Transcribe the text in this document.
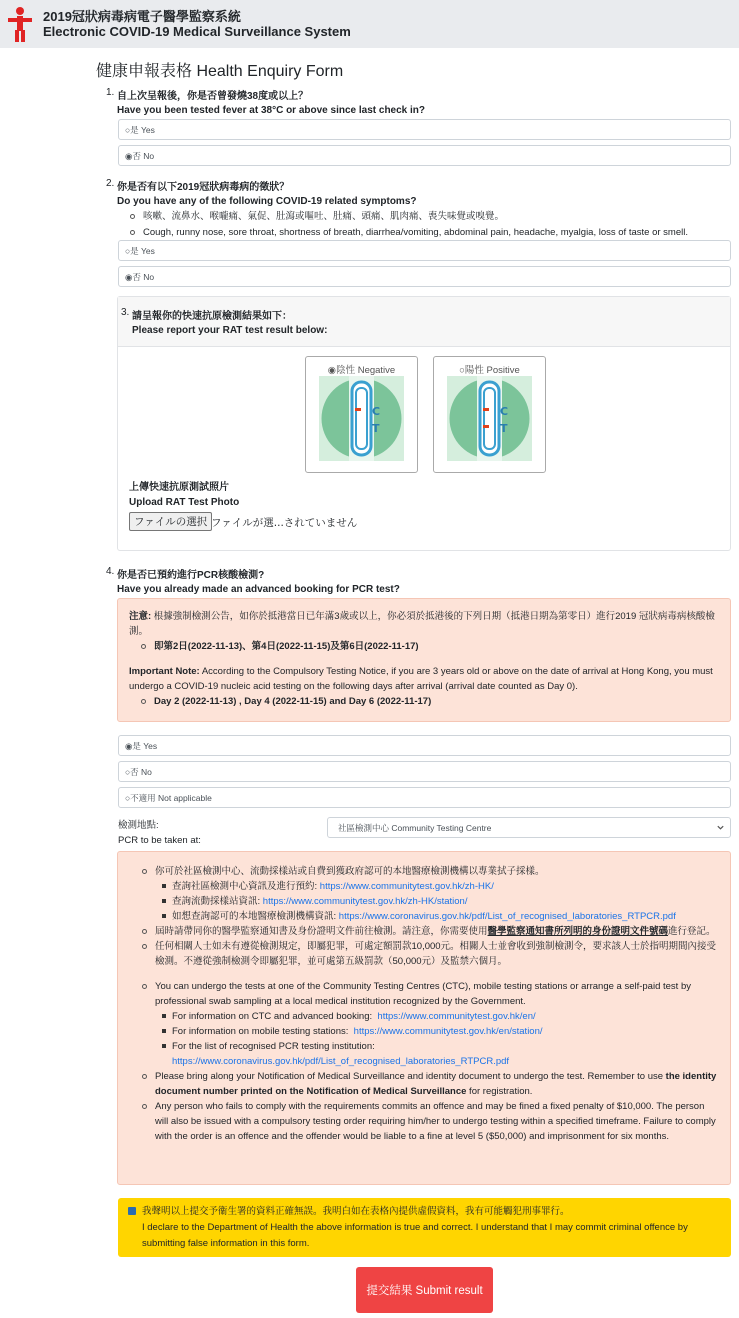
2019冠狀病毒病電子醫學監察系統
Electronic COVID-19 Medical Surveillance System
健康申報表格 Health Enquiry Form
1. 自上次呈報後，你是否曾發燒38度或以上？
Have you been tested fever at 38°C or above since last check in?
○是 Yes
◉否 No
2. 你是否有以下2019冠狀病毒病的徵狀？
Do you have any of the following COVID-19 related symptoms?
咳嗽、流鼻水、喉嚨痛、氣促、肚瀉或嘔吐、肚痛、頭痛、肌肉痛、喪失味覺或嗅覺。
Cough, runny nose, sore throat, shortness of breath, diarrhea/vomiting, abdominal pain, headache, myalgia, loss of taste or smell.
○是 Yes
◉否 No
3. 請呈報你的快速抗原檢測結果如下：
Please report your RAT test result below:
◉陰性 Negative
C
T
○陽性 Positive
C
T
上傳快速抗原測試照片
Upload RAT Test Photo
ファイルの選択 ファイルが選...されていません
4. 你是否已預約進行PCR核酸檢測?
Have you already made an advanced booking for PCR test?
注意: 根據強制檢測公告，如你於抵港當日已年滿3歲或以上，你必須於抵港後的下列日期（抵港日期為第零日）進行2019 冠狀病毒病核酸檢測。
即第2日(2022-11-13)、第4日(2022-11-15)及第6日(2022-11-17)
Important Note: According to the Compulsory Testing Notice, if you are 3 years old or above on the date of arrival at Hong Kong, you must undergo a COVID-19 nucleic acid testing on the following days after arrival (arrival date counted as Day 0).
Day 2 (2022-11-13) , Day 4 (2022-11-15) and Day 6 (2022-11-17)
◉是 Yes
○否 No
○不適用 Not applicable
檢測地點:
PCR to be taken at:
社區檢測中心 Community Testing Centre
你可於社區檢測中心、流動採樣站或自費到獲政府認可的本地醫療檢測機構以專業拭子採樣。
查詢社區檢測中心資訊及進行預約: https://www.communitytest.gov.hk/zh-HK/
查詢流動採樣站資訊: https://www.communitytest.gov.hk/zh-HK/station/
如想查詢認可的本地醫療檢測機構資訊: https://www.coronavirus.gov.hk/pdf/List_of_recognised_laboratories_RTPCR.pdf
屆時請帶同你的醫學監察通知書及身份證明文件前往檢測。請注意，你需要使用醫學監察通知書所列明的身份證明文件號碼進行登記。
任何相關人士如未有遵從檢測規定，即屬犯罪，可處定額罰款10,000元。相關人士並會收到強制檢測令，要求該人士於指明期間內接受檢測。不遵從強制檢測令即屬犯罪，並可處第五級罰款（50,000元）及監禁六個月。
You can undergo the tests at one of the Community Testing Centres (CTC), mobile testing stations or arrange a self-paid test by professional swab sampling at a local medical institution recognized by the Government.
For information on CTC and advanced booking: https://www.communitytest.gov.hk/en/
For information on mobile testing stations: https://www.communitytest.gov.hk/en/station/
For the list of recognised PCR testing institution:
https://www.coronavirus.gov.hk/pdf/List_of_recognised_laboratories_RTPCR.pdf
Please bring along your Notification of Medical Surveillance and identity document to undergo the test. Remember to use the identity document number printed on the Notification of Medical Surveillance for registration.
Any person who fails to comply with the requirements commits an offence and may be fined a fixed penalty of $10,000. The person will also be issued with a compulsory testing order requiring him/her to undergo testing within a specified timeframe. Failure to comply with the order is an offence and the offender would be liable to a fine at level 5 ($50,000) and imprisonment for six months.
我聲明以上提交予衞生署的資料正確無誤。我明白如在表格內提供虛假資料，我有可能觸犯刑事罪行。
I declare to the Department of Health the above information is true and correct. I understand that I may commit criminal offence by submitting false information in this form.
提交結果 Submit result
